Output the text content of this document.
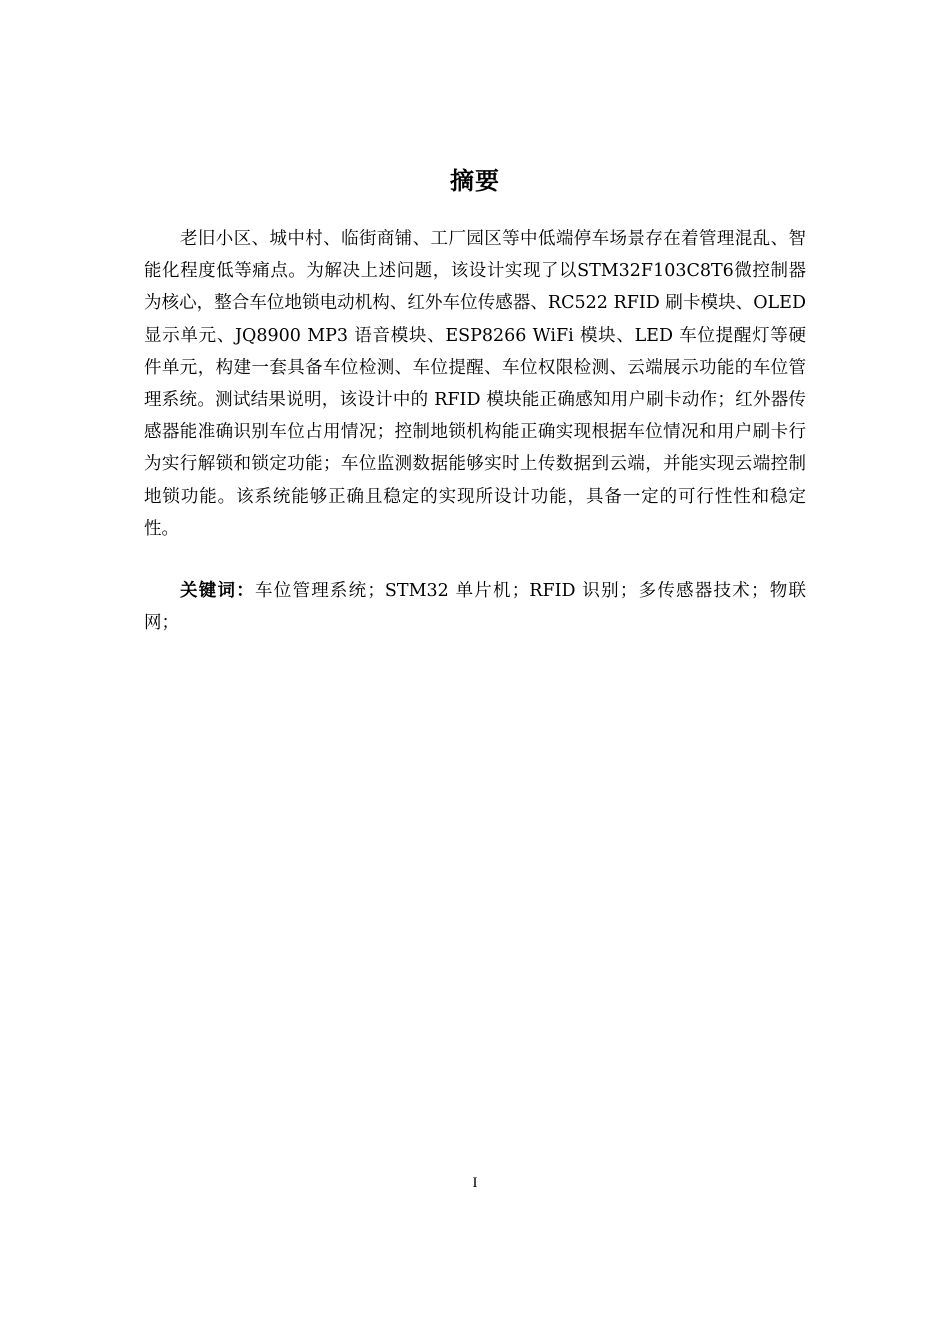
摘要

老旧小区、城中村、临街商铺、工厂园区等中低端停车场景存在着管理混乱、智能化程度低等痛点。为解决上述问题，该设计实现了以STM32F103C8T6微控制器为核心，整合车位地锁电动机构、红外车位传感器、RC522 RFID 刷卡模块、OLED 显示单元、JQ8900 MP3 语音模块、ESP8266 WiFi 模块、LED 车位提醒灯等硬件单元，构建一套具备车位检测、车位提醒、车位权限检测、云端展示功能的车位管理系统。测试结果说明，该设计中的 RFID 模块能正确感知用户刷卡动作；红外器传感器能准确识别车位占用情况；控制地锁机构能正确实现根据车位情况和用户刷卡行为实行解锁和锁定功能；车位监测数据能够实时上传数据到云端，并能实现云端控制地锁功能。该系统能够正确且稳定的实现所设计功能，具备一定的可行性性和稳定性。

关键词：车位管理系统；STM32 单片机；RFID 识别；多传感器技术；物联网；

I
